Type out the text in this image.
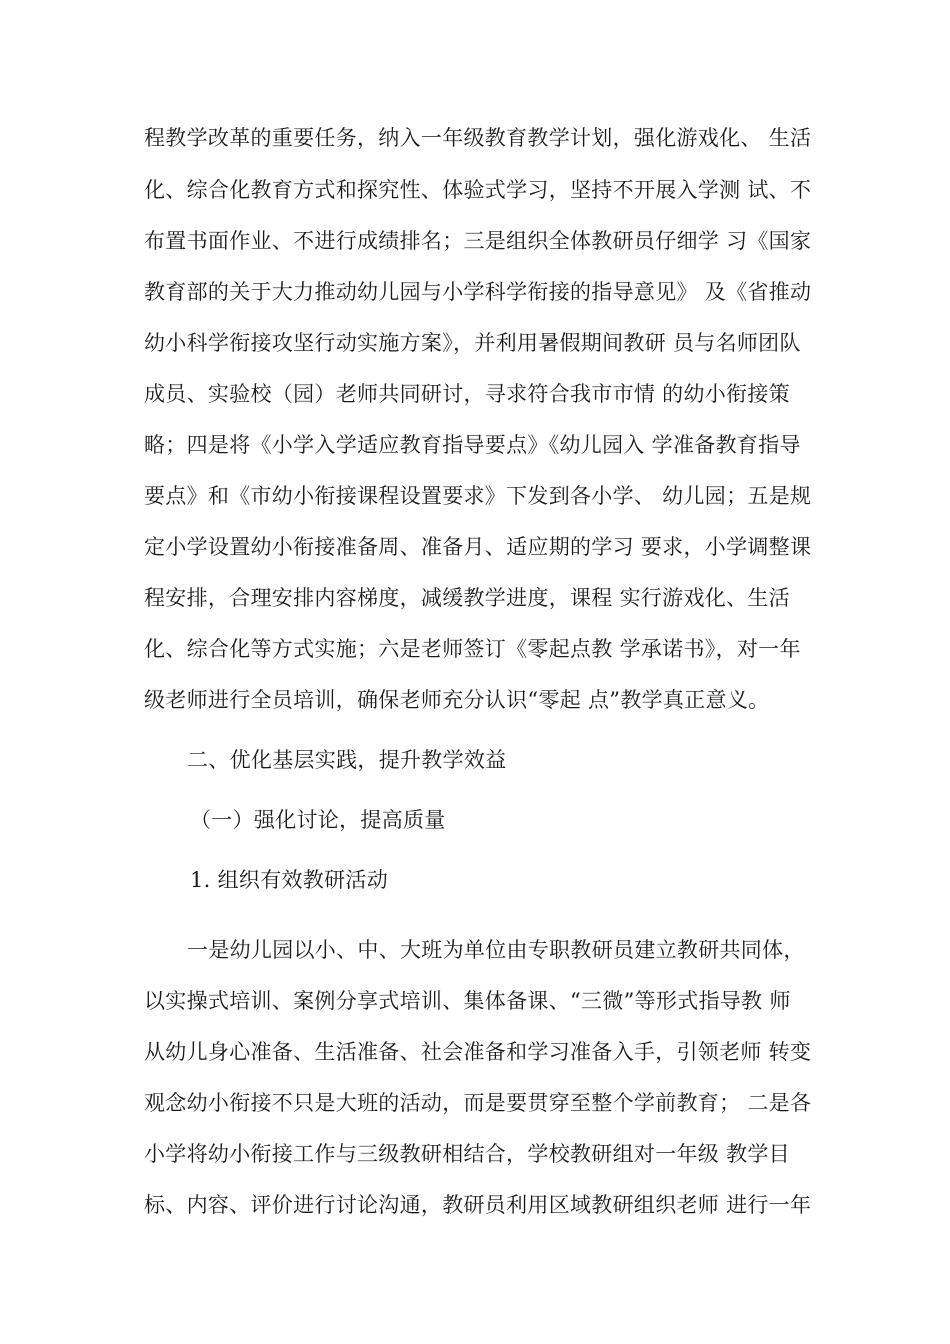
程教学改革的重要任务，纳入一年级教育教学计划，强化游戏化、 生活

化、综合化教育方式和探究性、体验式学习，坚持不开展入学测 试、不

布置书面作业、不进行成绩排名；三是组织全体教研员仔细学 习《国家

教育部的关于大力推动幼儿园与小学科学衔接的指导意见》 及《省推动

幼小科学衔接攻坚行动实施方案》，并利用暑假期间教研 员与名师团队

成员、实验校（园）老师共同研讨，寻求符合我市市情 的幼小衔接策

略；四是将《小学入学适应教育指导要点》《幼儿园入 学准备教育指导

要点》和《市幼小衔接课程设置要求》下发到各小学、 幼儿园；五是规

定小学设置幼小衔接准备周、准备月、适应期的学习 要求，小学调整课

程安排，合理安排内容梯度，减缓教学进度，课程 实行游戏化、生活

化、综合化等方式实施；六是老师签订《零起点教 学承诺书》，对一年

级老师进行全员培训，确保老师充分认识“零起 点”教学真正意义。

二、优化基层实践，提升教学效益

（一）强化讨论，提高质量

1. 组织有效教研活动

一是幼儿园以小、中、大班为单位由专职教研员建立教研共同体，

以实操式培训、案例分享式培训、集体备课、“三微”等形式指导教 师

从幼儿身心准备、生活准备、社会准备和学习准备入手，引领老师 转变

观念幼小衔接不只是大班的活动，而是要贯穿至整个学前教育； 二是各

小学将幼小衔接工作与三级教研相结合，学校教研组对一年级 教学目

标、内容、评价进行讨论沟通，教研员利用区域教研组织老师 进行一年
